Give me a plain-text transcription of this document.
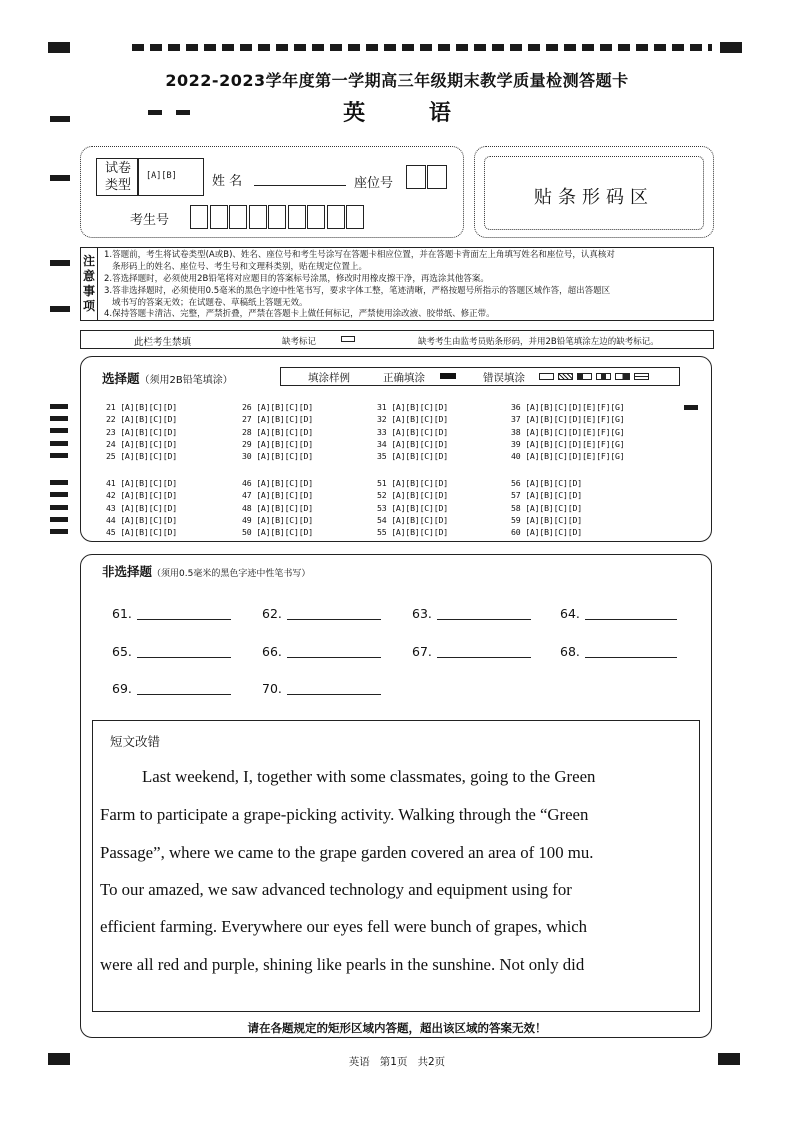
2022-2023学年度第一学期高三年级期末教学质量检测答题卡
英 语
试卷
类型
[A][B]	姓 名	座位号
考生号
贴条形码区
注意事项
1.答题前，考生将试卷类型(A或B)、姓名、座位号和考生号涂写在答题卡相应位置，并在答题卡背面左上角填写姓名和座位号，认真核对
条形码上的姓名、座位号、考生号和文理科类别，贴在规定位置上。
2.答选择题时，必须使用2B铅笔将对应题目的答案标号涂黑，修改时用橡皮擦干净，再选涂其他答案。
3.答非选择题时，必须使用0.5毫米的黑色字迹中性笔书写，要求字体工整，笔迹清晰，严格按题号所指示的答题区域作答，超出答题区
域书写的答案无效；在试题卷、草稿纸上答题无效。
4.保持答题卡清洁、完整，严禁折叠，严禁在答题卡上做任何标记，严禁使用涂改液、胶带纸、修正带。
此栏考生禁填	缺考标记	缺考考生由监考员贴条形码，并用2B铅笔填涂左边的缺考标记。
选择题（须用2B铅笔填涂）	填涂样例	正确填涂	错误填涂
21 [A][B][C][D]	26 [A][B][C][D]	31 [A][B][C][D]	36 [A][B][C][D][E][F][G]
22 [A][B][C][D]	27 [A][B][C][D]	32 [A][B][C][D]	37 [A][B][C][D][E][F][G]
23 [A][B][C][D]	28 [A][B][C][D]	33 [A][B][C][D]	38 [A][B][C][D][E][F][G]
24 [A][B][C][D]	29 [A][B][C][D]	34 [A][B][C][D]	39 [A][B][C][D][E][F][G]
25 [A][B][C][D]	30 [A][B][C][D]	35 [A][B][C][D]	40 [A][B][C][D][E][F][G]
41 [A][B][C][D]	46 [A][B][C][D]	51 [A][B][C][D]	56 [A][B][C][D]
42 [A][B][C][D]	47 [A][B][C][D]	52 [A][B][C][D]	57 [A][B][C][D]
43 [A][B][C][D]	48 [A][B][C][D]	53 [A][B][C][D]	58 [A][B][C][D]
44 [A][B][C][D]	49 [A][B][C][D]	54 [A][B][C][D]	59 [A][B][C][D]
45 [A][B][C][D]	50 [A][B][C][D]	55 [A][B][C][D]	60 [A][B][C][D]
非选择题（须用0.5毫米的黑色字迹中性笔书写）
61.	62.	63.	64.
65.	66.	67.	68.
69.	70.
短文改错
Last weekend, I, together with some classmates, going to the Green
Farm to participate a grape-picking activity. Walking through the “Green
Passage”, where we came to the grape garden covered an area of 100 mu.
To our amazed, we saw advanced technology and equipment using for
efficient farming. Everywhere our eyes fell were bunch of grapes, which
were all red and purple, shining like pearls in the sunshine. Not only did
请在各题规定的矩形区域内答题，超出该区域的答案无效！
英语   第1页   共2页
